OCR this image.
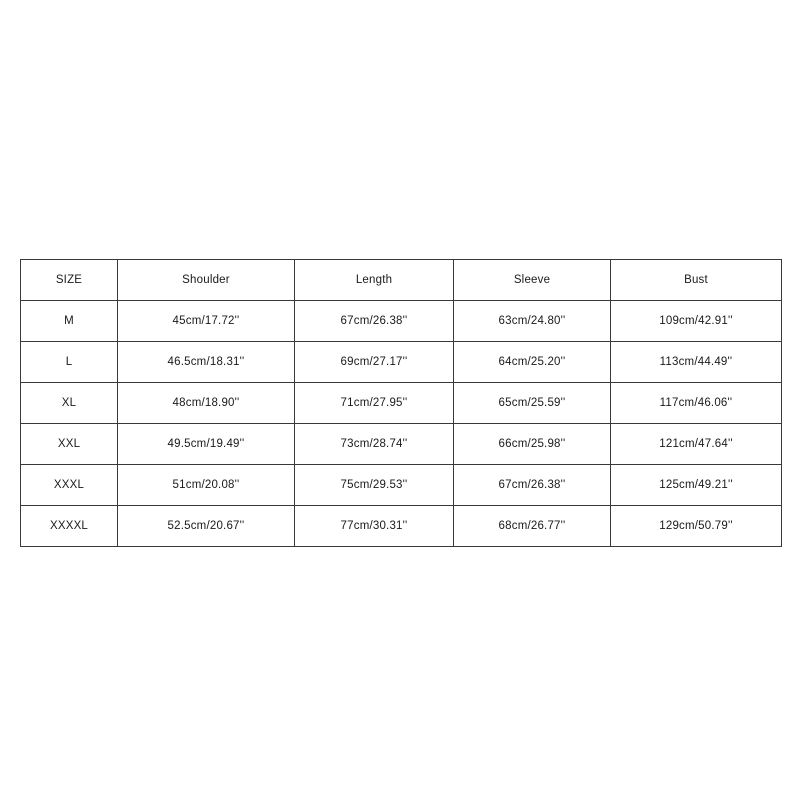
SIZE	Shoulder	Length	Sleeve	Bust
M	45cm/17.72''	67cm/26.38''	63cm/24.80''	109cm/42.91''
L	46.5cm/18.31''	69cm/27.17''	64cm/25.20''	113cm/44.49''
XL	48cm/18.90''	71cm/27.95''	65cm/25.59''	117cm/46.06''
XXL	49.5cm/19.49''	73cm/28.74''	66cm/25.98''	121cm/47.64''
XXXL	51cm/20.08''	75cm/29.53''	67cm/26.38''	125cm/49.21''
XXXXL	52.5cm/20.67''	77cm/30.31''	68cm/26.77''	129cm/50.79''
